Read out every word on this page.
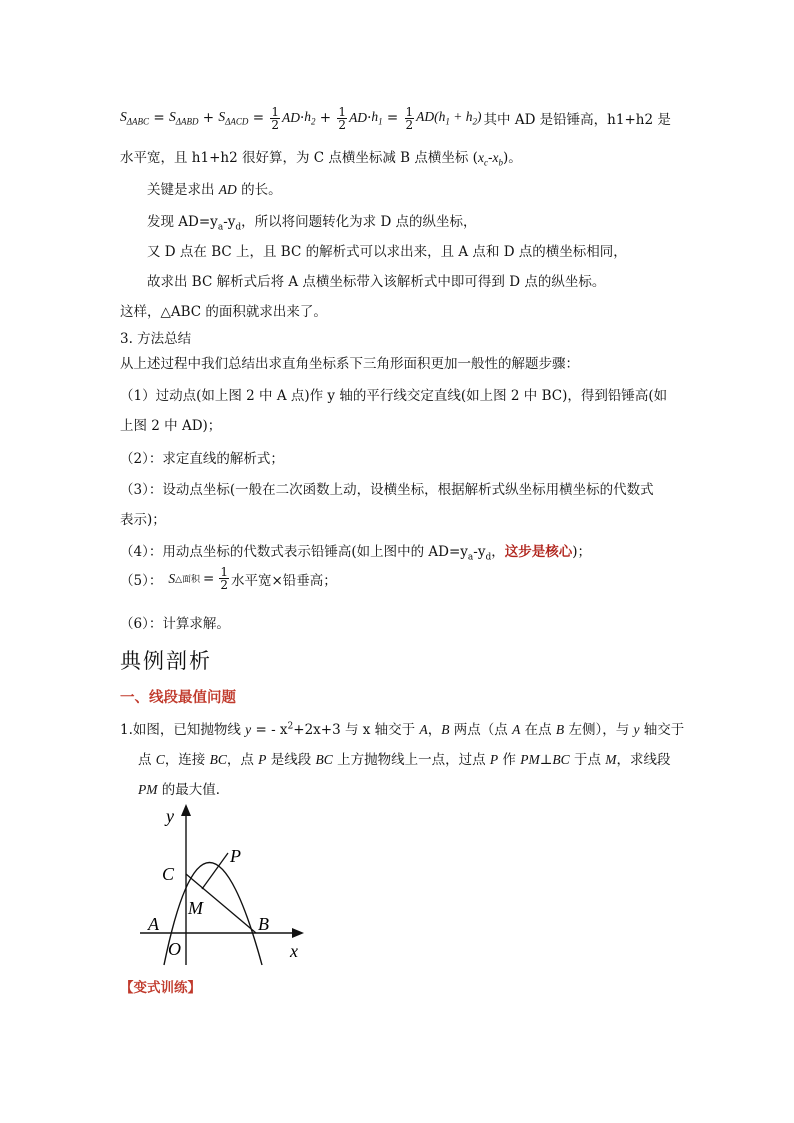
$S_{\Delta ABC} = S_{\Delta ABD} + S_{\Delta ACD} = \frac{1}{2}$ AD · $h_2 + \frac{1}{2}$ AD · $h_1 = \frac{1}{2} AD(h_1 + h_2)$ 其中 AD 是铅锤高，h1+h2 是
水平宽，且 h1+h2 很好算，为 C 点横坐标减 B 点横坐标 $(x_c-x_b)$。
关键是求出 AD 的长。
发现 $AD=y_a-y_d$，所以将问题转化为求 D 点的纵坐标，
又 D 点在 BC 上，且 BC 的解析式可以求出来，且 A 点和 D 点的横坐标相同，
故求出 BC 解析式后将 A 点横坐标带入该解析式中即可得到 D 点的纵坐标。
这样，△ABC 的面积就求出来了。
3. 方法总结
从上述过程中我们总结出求直角坐标系下三角形面积更加一般性的解题步骤：
（1）过动点(如上图 2 中 A 点)作 y 轴的平行线交定直线(如上图 2 中 BC)，得到铅锤高(如
上图 2 中 AD)；
（2）：求定直线的解析式；
（3）：设动点坐标(一般在二次函数上动，设横坐标，根据解析式纵坐标用横坐标的代数式
表示)；
（4）：用动点坐标的代数式表示铅锤高(如上图中的 $AD=y_a-y_d$，这步是核心)；
（5）： S △面积 = $\frac{1}{2}$ 水平宽×铅垂高；
（6）：计算求解。
典例剖析
一、线段最值问题
1.如图，已知抛物线 y = - $x^2+2x+3$ 与 x 轴交于 A，B 两点（点 A 在点 B 左侧），与 y 轴交于
点 C，连接 BC，点 P 是线段 BC 上方抛物线上一点，过点 P 作 PM⊥BC 于点 M，求线段
PM 的最大值．
y
x
C
P
M
A	B
O
【变式训练】
